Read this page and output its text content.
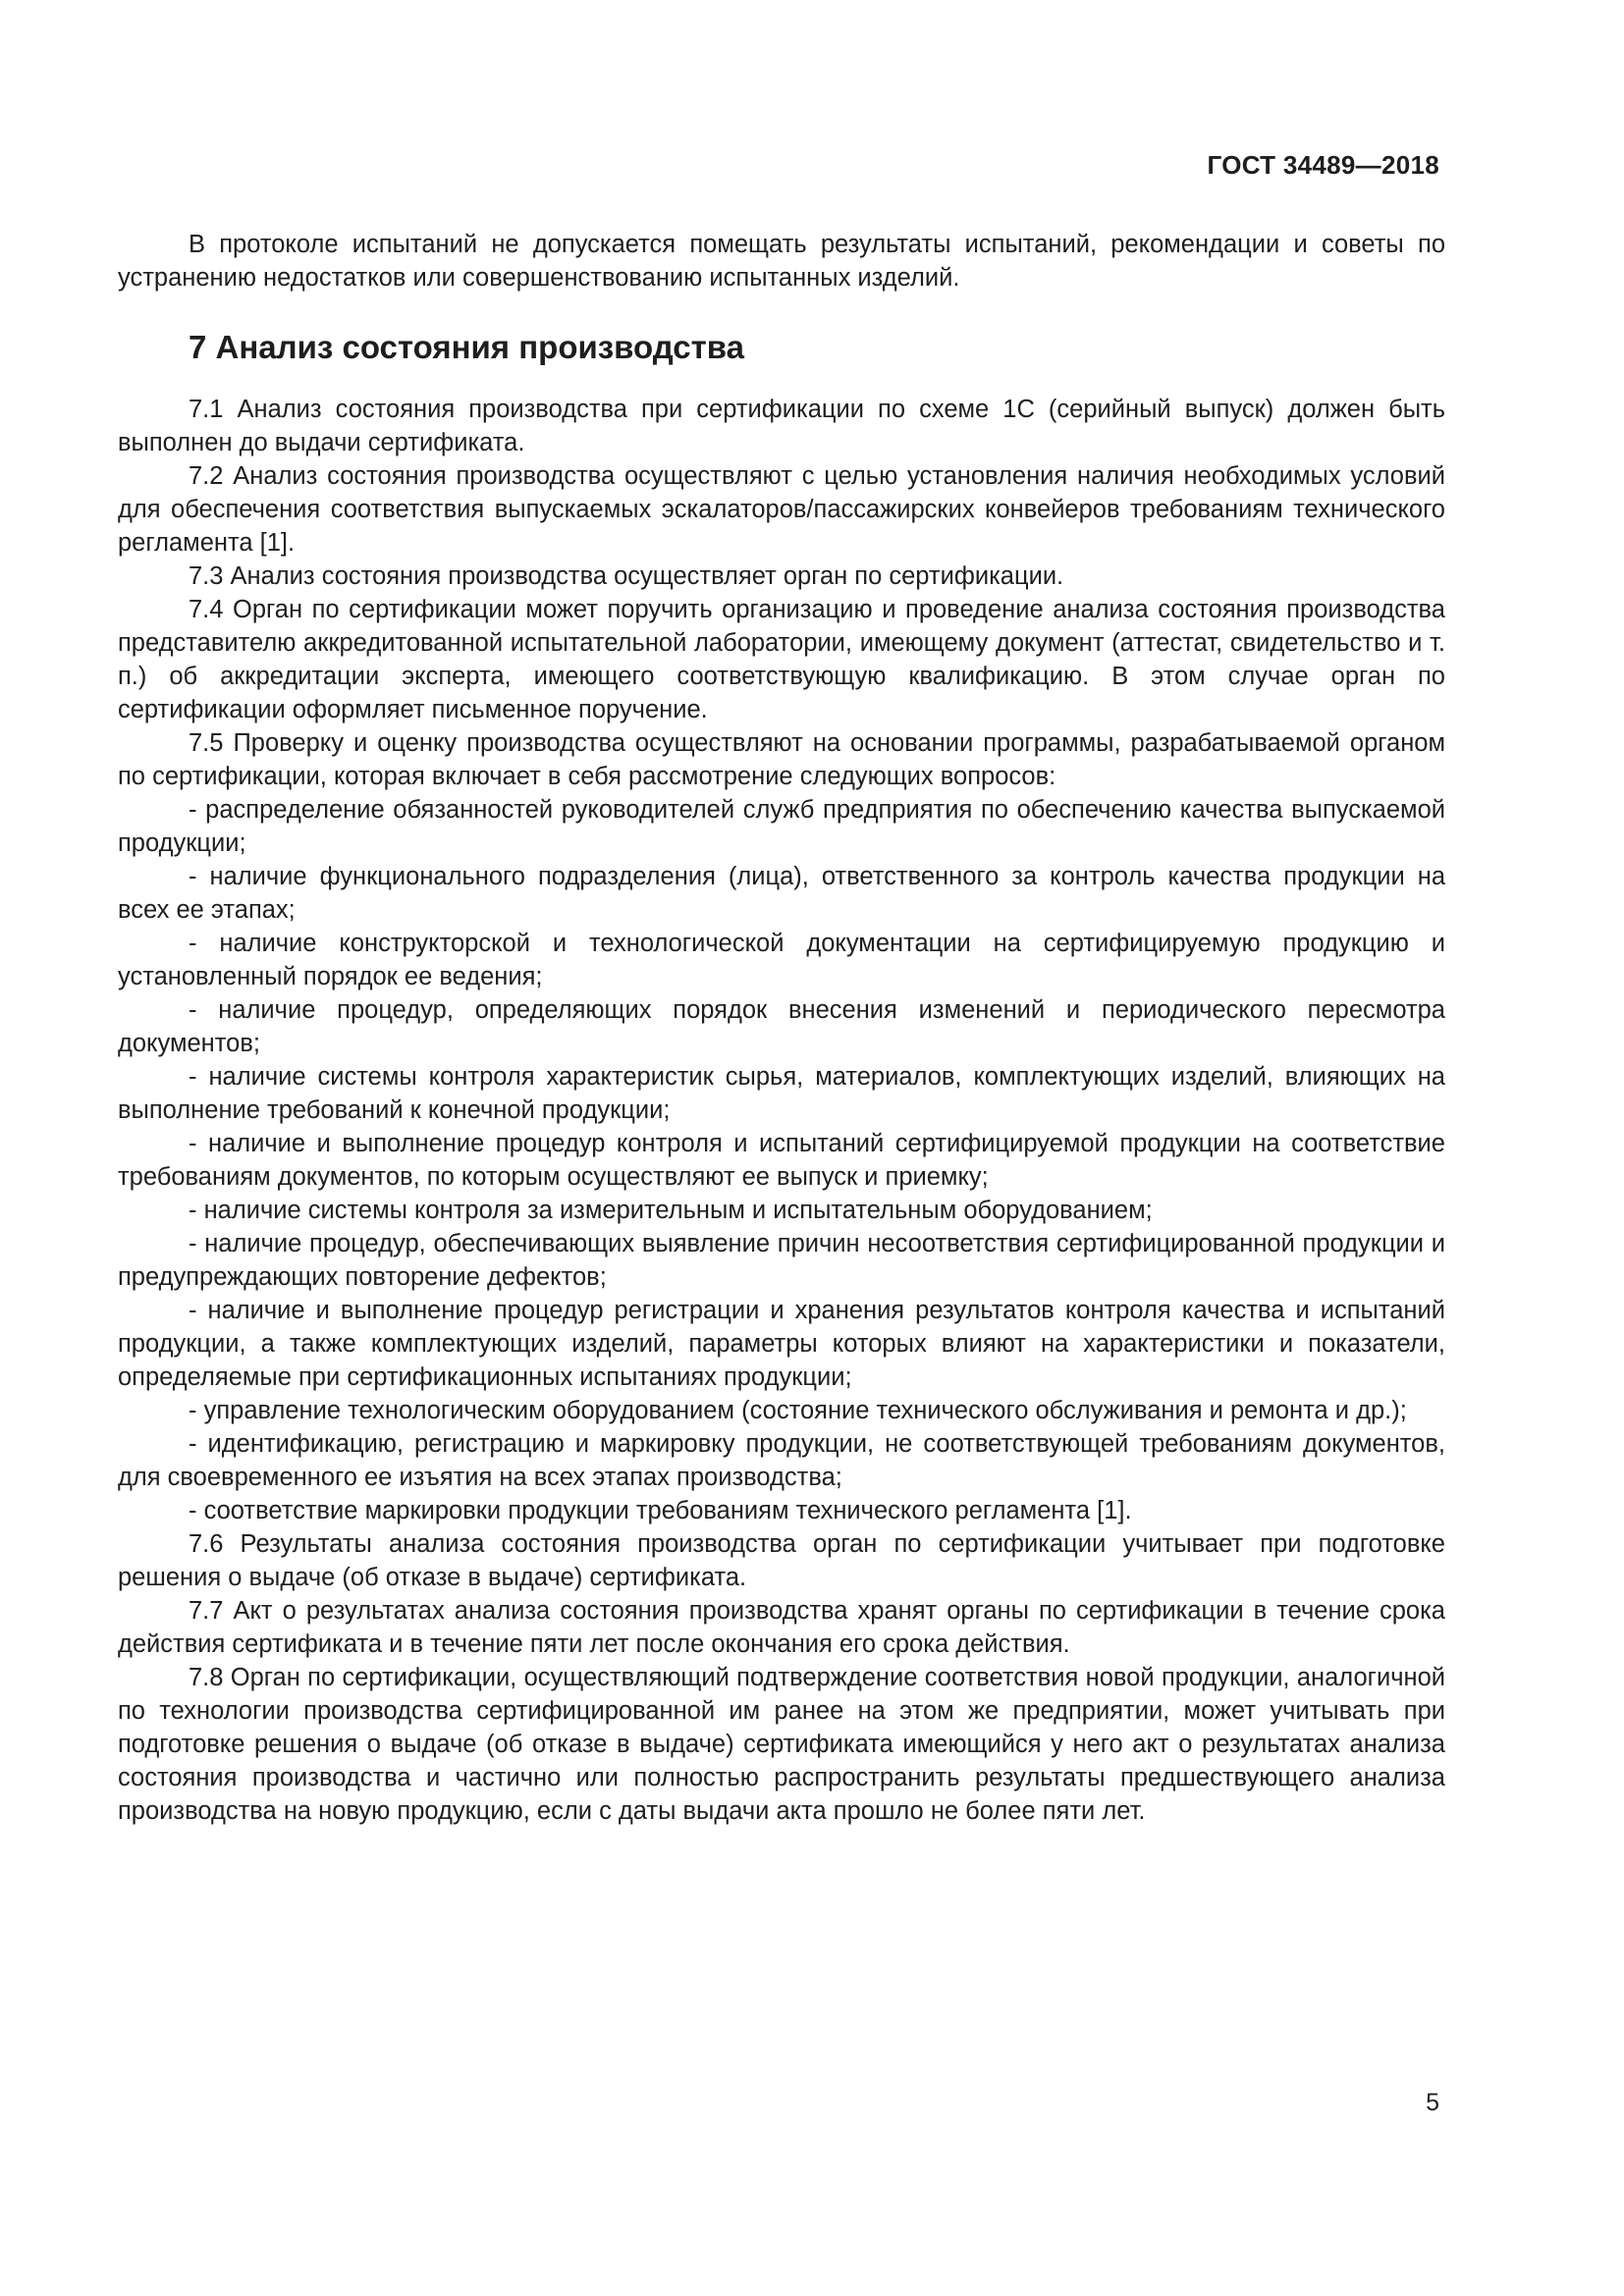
ГОСТ 34489—2018

В протоколе испытаний не допускается помещать результаты испытаний, рекомендации и советы по устранению недостатков или совершенствованию испытанных изделий.

7 Анализ состояния производства

7.1 Анализ состояния производства при сертификации по схеме 1С (серийный выпуск) должен быть выполнен до выдачи сертификата.

7.2 Анализ состояния производства осуществляют с целью установления наличия необходимых условий для обеспечения соответствия выпускаемых эскалаторов/пассажирских конвейеров требованиям технического регламента [1].

7.3 Анализ состояния производства осуществляет орган по сертификации.

7.4 Орган по сертификации может поручить организацию и проведение анализа состояния производства представителю аккредитованной испытательной лаборатории, имеющему документ (аттестат, свидетельство и т. п.) об аккредитации эксперта, имеющего соответствующую квалификацию. В этом случае орган по сертификации оформляет письменное поручение.

7.5 Проверку и оценку производства осуществляют на основании программы, разрабатываемой органом по сертификации, которая включает в себя рассмотрение следующих вопросов:

- распределение обязанностей руководителей служб предприятия по обеспечению качества выпускаемой продукции;

- наличие функционального подразделения (лица), ответственного за контроль качества продукции на всех ее этапах;

- наличие конструкторской и технологической документации на сертифицируемую продукцию и установленный порядок ее ведения;

- наличие процедур, определяющих порядок внесения изменений и периодического пересмотра документов;

- наличие системы контроля характеристик сырья, материалов, комплектующих изделий, влияющих на выполнение требований к конечной продукции;

- наличие и выполнение процедур контроля и испытаний сертифицируемой продукции на соответствие требованиям документов, по которым осуществляют ее выпуск и приемку;

- наличие системы контроля за измерительным и испытательным оборудованием;

- наличие процедур, обеспечивающих выявление причин несоответствия сертифицированной продукции и предупреждающих повторение дефектов;

- наличие и выполнение процедур регистрации и хранения результатов контроля качества и испытаний продукции, а также комплектующих изделий, параметры которых влияют на характеристики и показатели, определяемые при сертификационных испытаниях продукции;

- управление технологическим оборудованием (состояние технического обслуживания и ремонта и др.);

- идентификацию, регистрацию и маркировку продукции, не соответствующей требованиям документов, для своевременного ее изъятия на всех этапах производства;

- соответствие маркировки продукции требованиям технического регламента [1].

7.6 Результаты анализа состояния производства орган по сертификации учитывает при подготовке решения о выдаче (об отказе в выдаче) сертификата.

7.7 Акт о результатах анализа состояния производства хранят органы по сертификации в течение срока действия сертификата и в течение пяти лет после окончания его срока действия.

7.8 Орган по сертификации, осуществляющий подтверждение соответствия новой продукции, аналогичной по технологии производства сертифицированной им ранее на этом же предприятии, может учитывать при подготовке решения о выдаче (об отказе в выдаче) сертификата имеющийся у него акт о результатах анализа состояния производства и частично или полностью распространить результаты предшествующего анализа производства на новую продукцию, если с даты выдачи акта прошло не более пяти лет.

5
